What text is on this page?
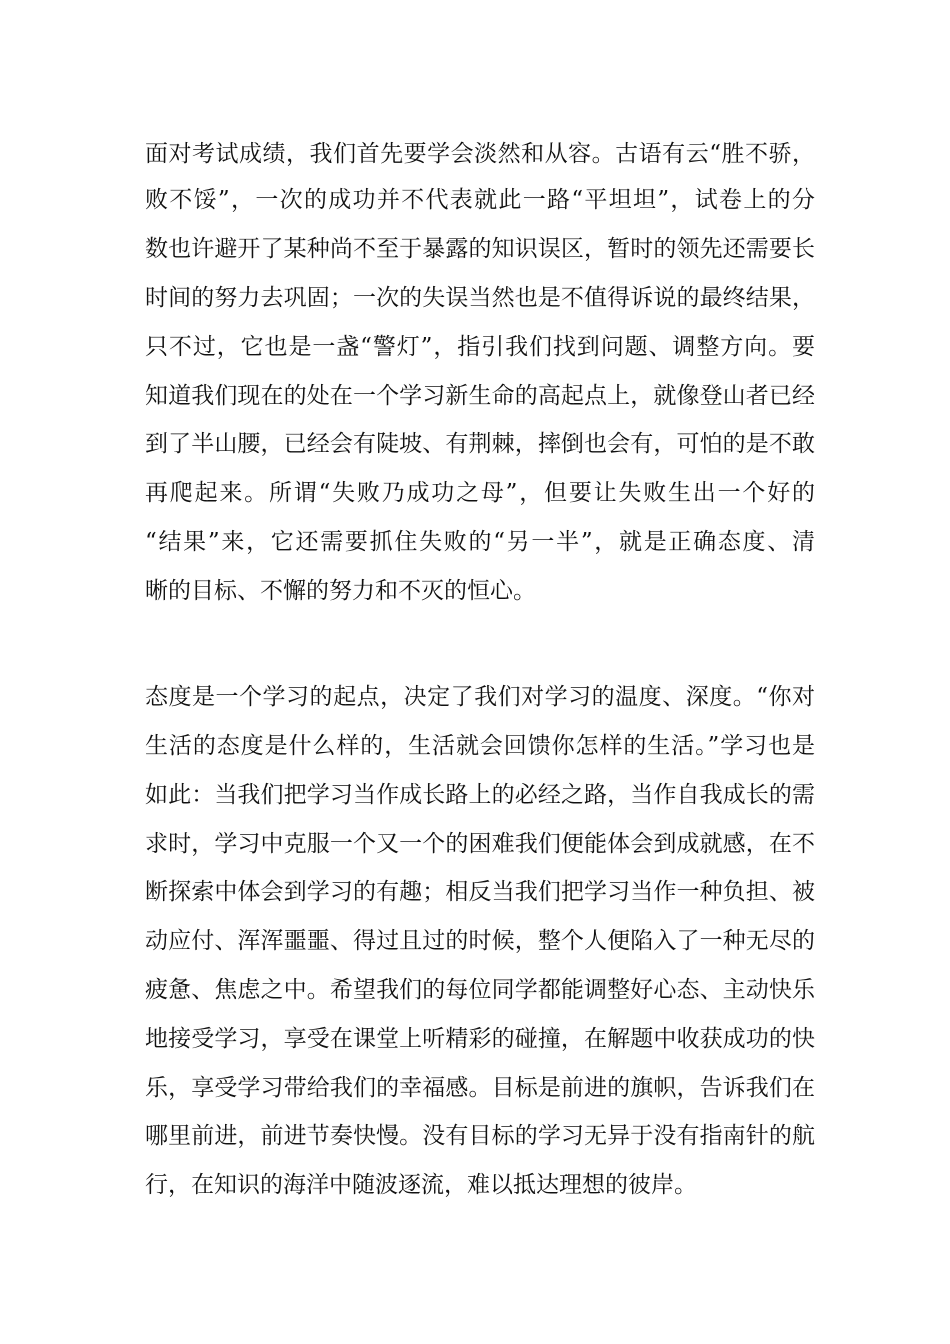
面对考试成绩，我们首先要学会淡然和从容。古语有云“胜不骄，

败不馁”，一次的成功并不代表就此一路“平坦坦”，试卷上的分

数也许避开了某种尚不至于暴露的知识误区，暂时的领先还需要长

时间的努力去巩固；一次的失误当然也是不值得诉说的最终结果，

只不过，它也是一盏“警灯”，指引我们找到问题、调整方向。要

知道我们现在的处在一个学习新生命的高起点上，就像登山者已经

到了半山腰，已经会有陡坡、有荆棘，摔倒也会有，可怕的是不敢

再爬起来。所谓“失败乃成功之母”，但要让失败生出一个好的

“结果”来，它还需要抓住失败的“另一半”，就是正确态度、清

晰的目标、不懈的努力和不灭的恒心。

态度是一个学习的起点，决定了我们对学习的温度、深度。“你对

生活的态度是什么样的，生活就会回馈你怎样的生活。”学习也是

如此：当我们把学习当作成长路上的必经之路，当作自我成长的需

求时，学习中克服一个又一个的困难我们便能体会到成就感，在不

断探索中体会到学习的有趣；相反当我们把学习当作一种负担、被

动应付、浑浑噩噩、得过且过的时候，整个人便陷入了一种无尽的

疲惫、焦虑之中。希望我们的每位同学都能调整好心态、主动快乐

地接受学习，享受在课堂上听精彩的碰撞，在解题中收获成功的快

乐，享受学习带给我们的幸福感。目标是前进的旗帜，告诉我们在

哪里前进，前进节奏快慢。没有目标的学习无异于没有指南针的航

行，在知识的海洋中随波逐流，难以抵达理想的彼岸。
